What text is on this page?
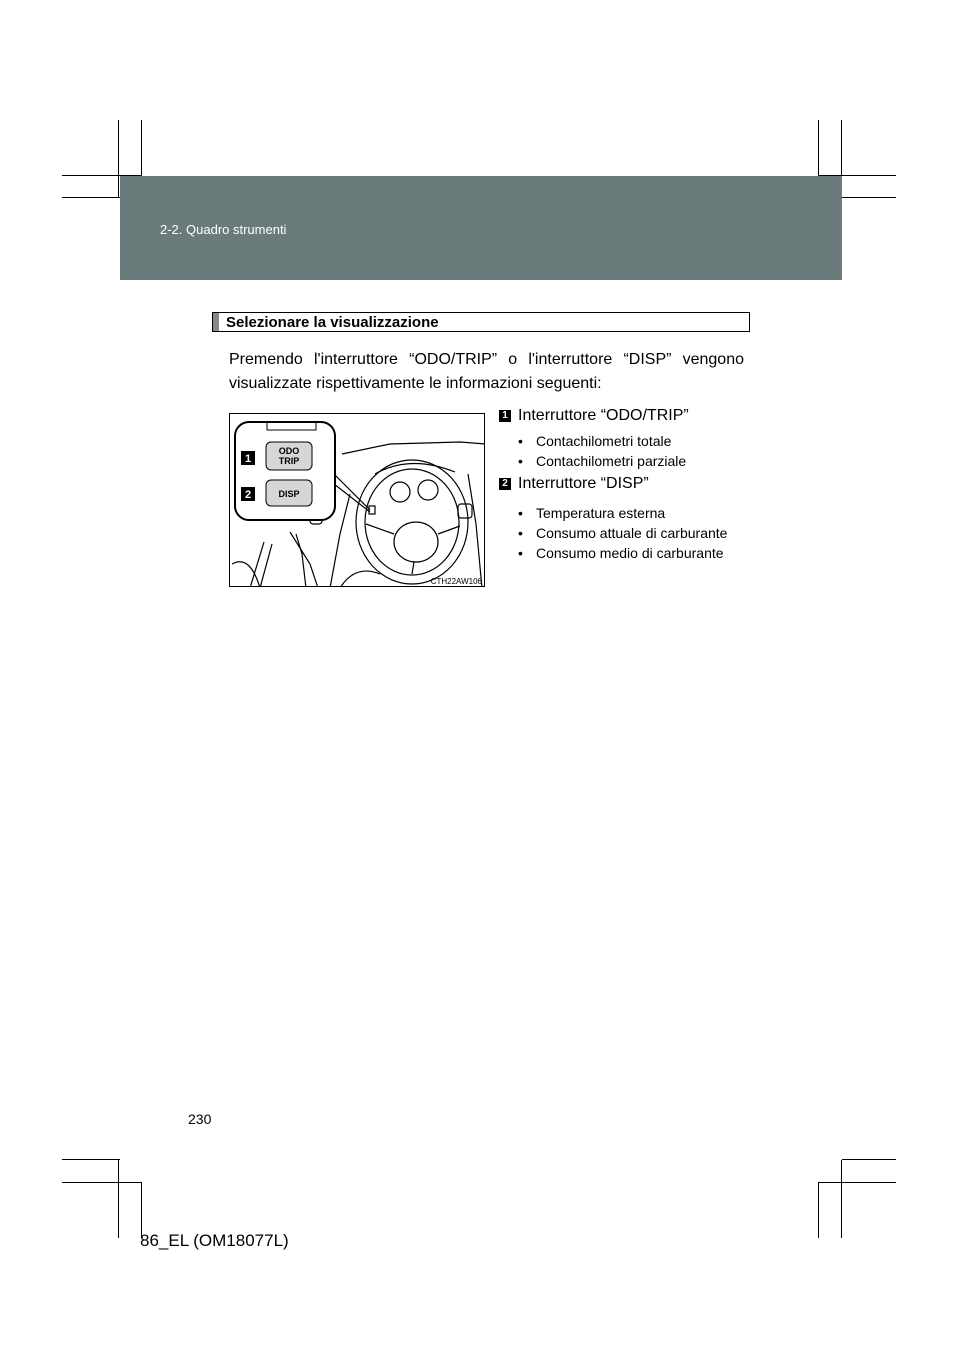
2-2. Quadro strumenti
Selezionare la visualizzazione
Premendo l'interruttore “ODO/TRIP” o l'interruttore “DISP” vengono visualizzate rispettivamente le informazioni seguenti:
1
2
ODO
TRIP
DISP
CTH22AW106
1 Interruttore “ODO/TRIP”
• Contachilometri totale
• Contachilometri parziale
2 Interruttore “DISP”
• Temperatura esterna
• Consumo attuale di carburante
• Consumo medio di carburante
230
86_EL (OM18077L)
